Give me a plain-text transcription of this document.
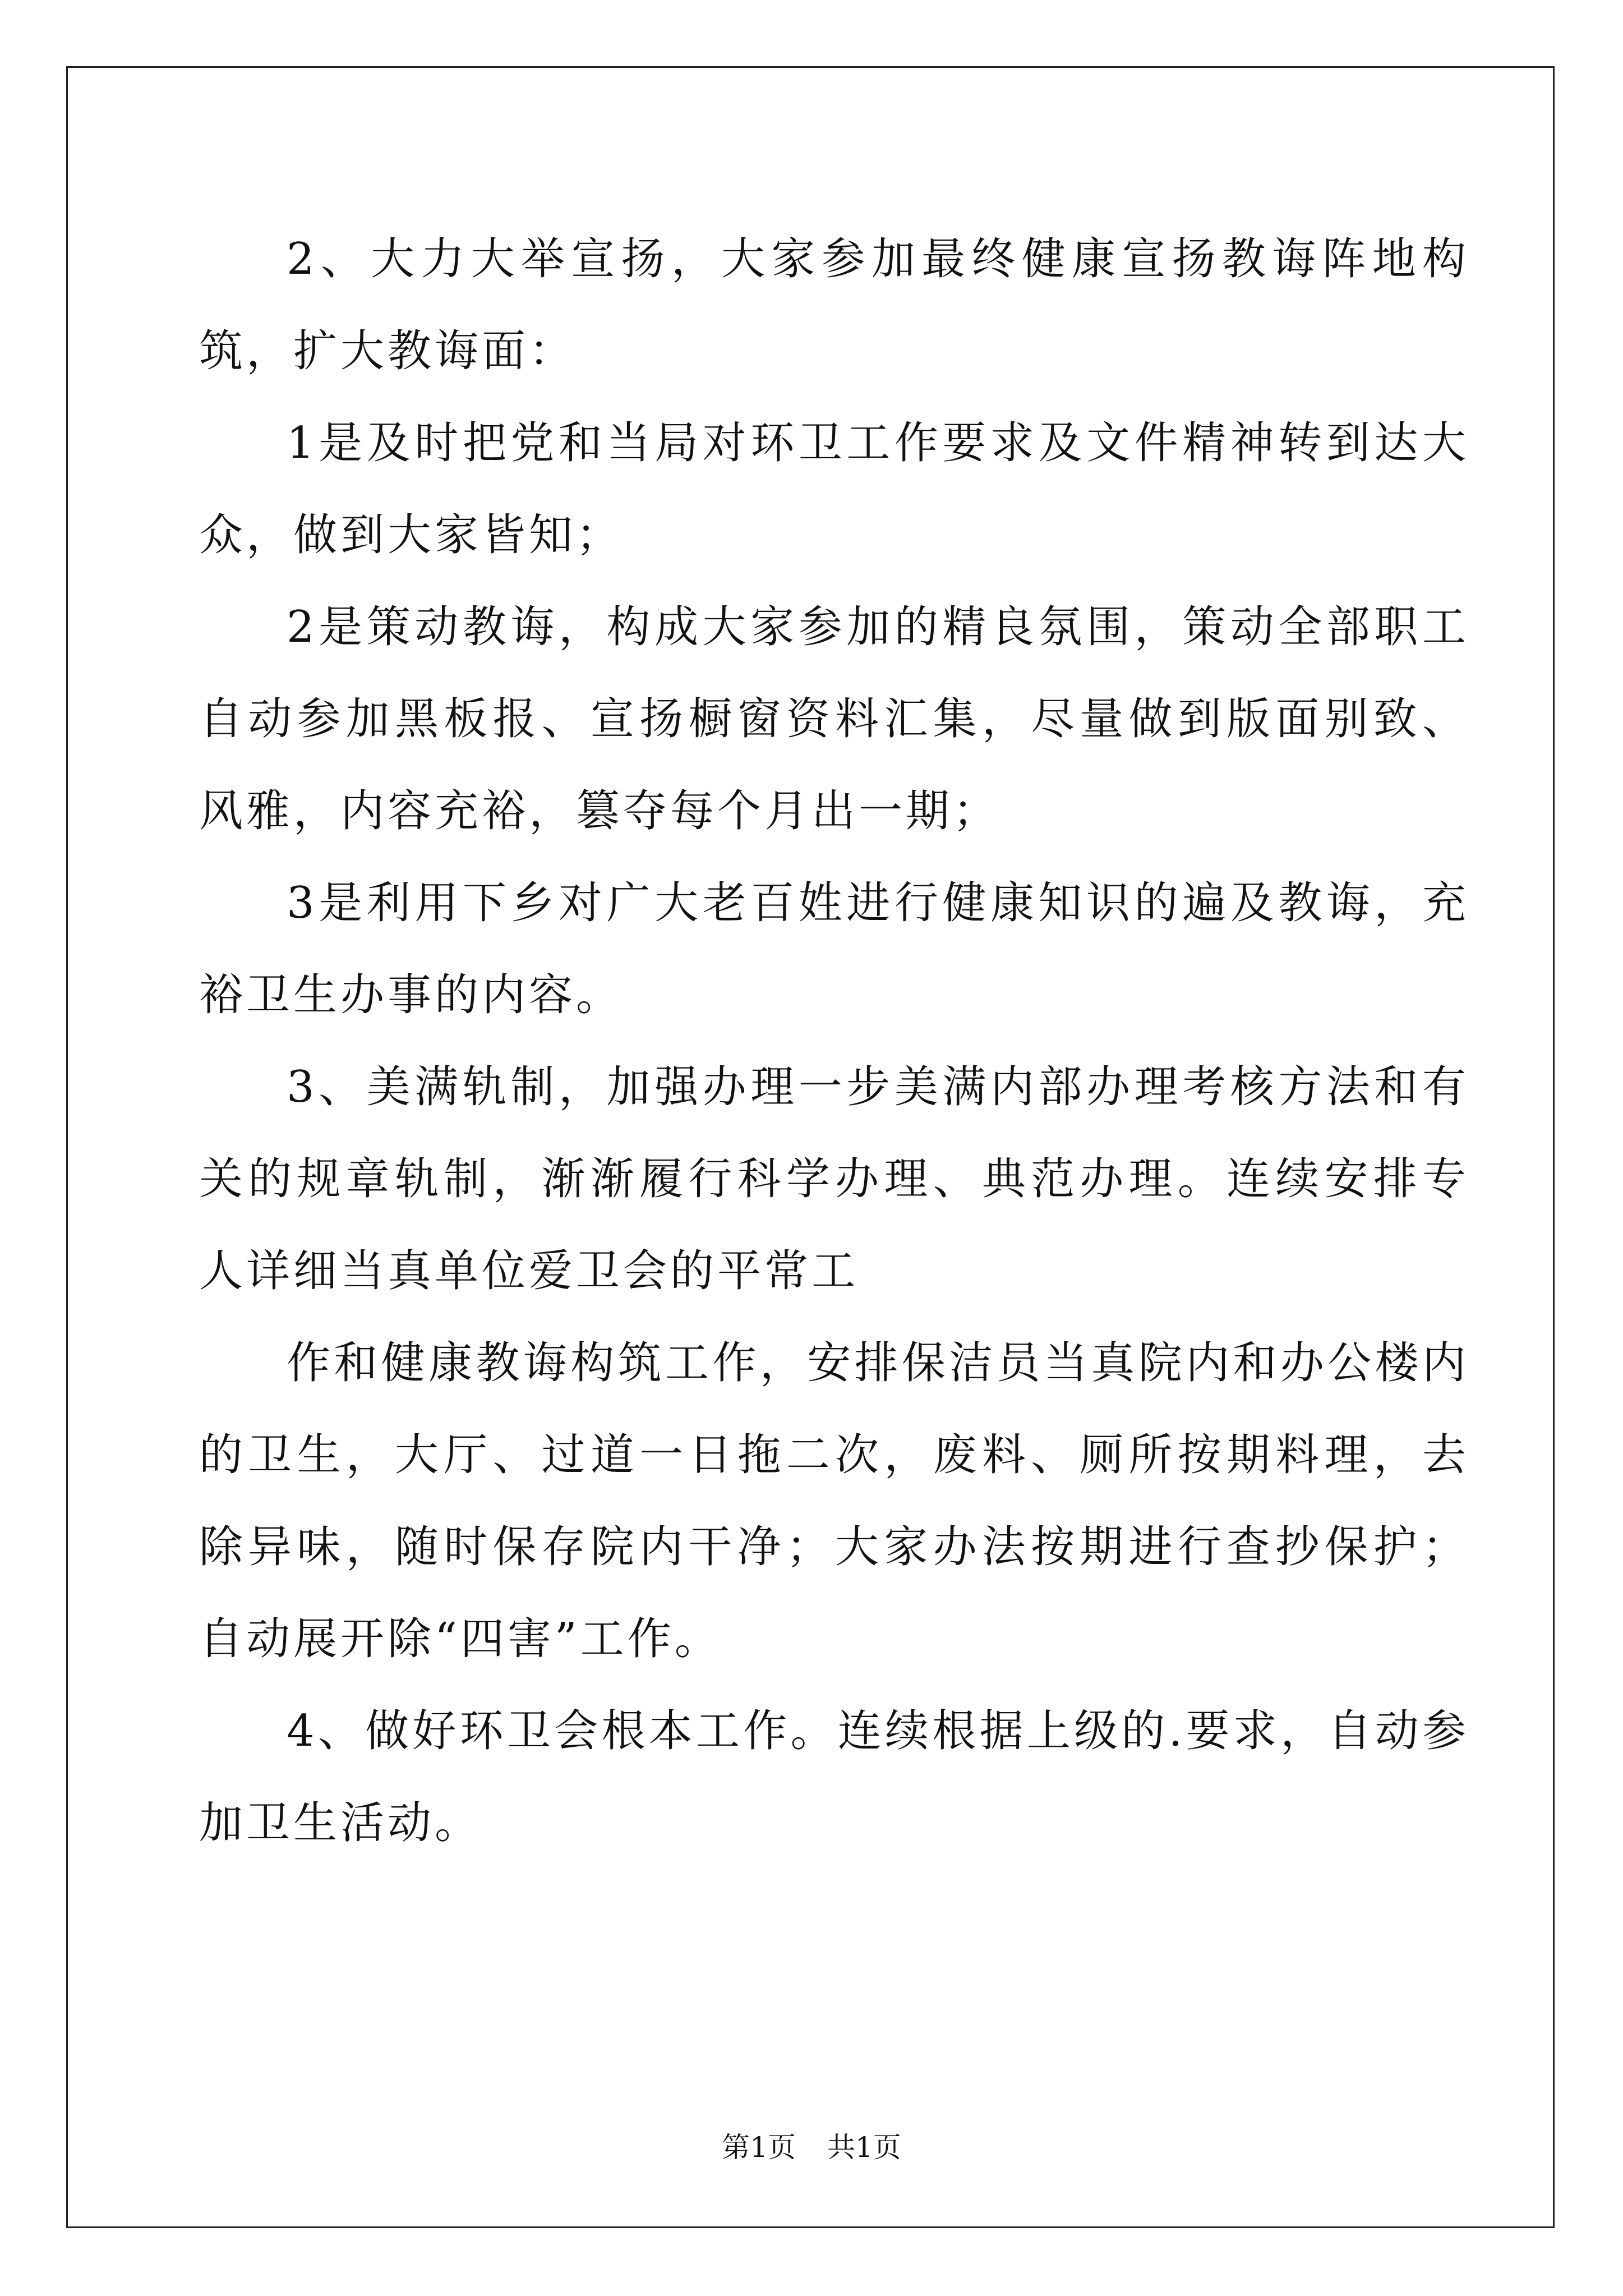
2、大力大举宣扬，大家参加最终健康宣扬教诲阵地构筑，扩大教诲面：

1是及时把党和当局对环卫工作要求及文件精神转到达大众，做到大家皆知；

2是策动教诲，构成大家参加的精良氛围，策动全部职工自动参加黑板报、宣扬橱窗资料汇集，尽量做到版面别致、风雅，内容充裕，篡夺每个月出一期；

3是利用下乡对广大老百姓进行健康知识的遍及教诲，充裕卫生办事的内容。

3、美满轨制，加强办理一步美满内部办理考核方法和有关的规章轨制，渐渐履行科学办理、典范办理。连续安排专人详细当真单位爱卫会的平常工

作和健康教诲构筑工作，安排保洁员当真院内和办公楼内的卫生，大厅、过道一日拖二次，废料、厕所按期料理，去除异味，随时保存院内干净；大家办法按期进行查抄保护；自动展开除“四害”工作。

4、做好环卫会根本工作。连续根据上级的.要求，自动参加卫生活动。

第1页 共1页
